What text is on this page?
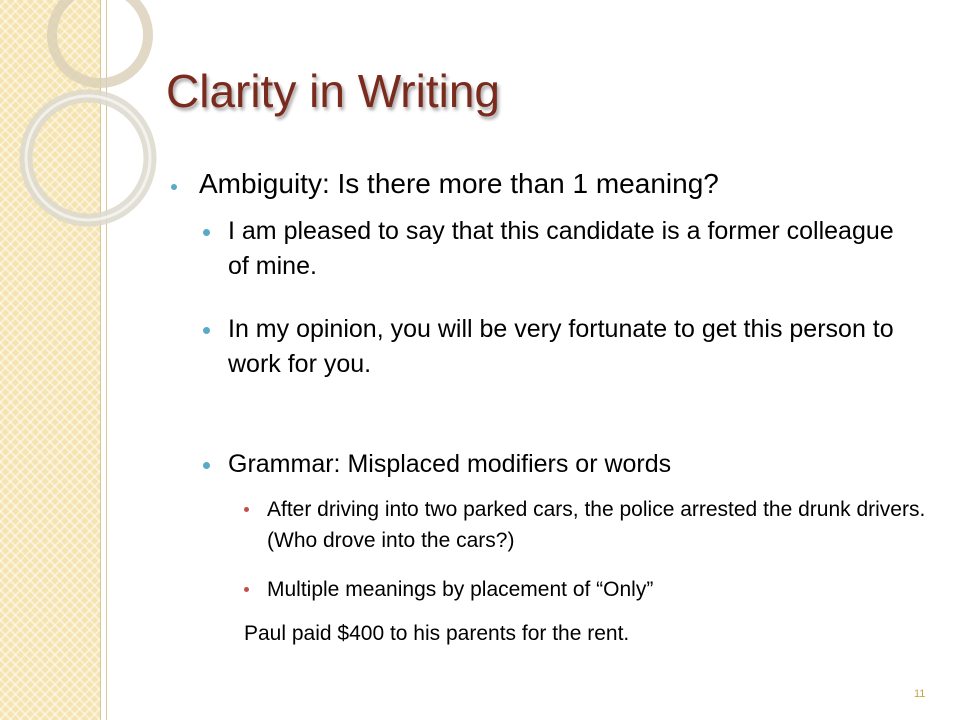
Clarity in Writing
Ambiguity: Is there more than 1 meaning?
I am pleased to say that this candidate is a former colleague of mine.
In my opinion, you will be very fortunate to get this person to work for you.
Grammar: Misplaced modifiers or words
After driving into two parked cars, the police arrested the drunk drivers. (Who drove into the cars?)
Multiple meanings by placement of “Only”
Paul paid $400 to his parents for the rent.
11
